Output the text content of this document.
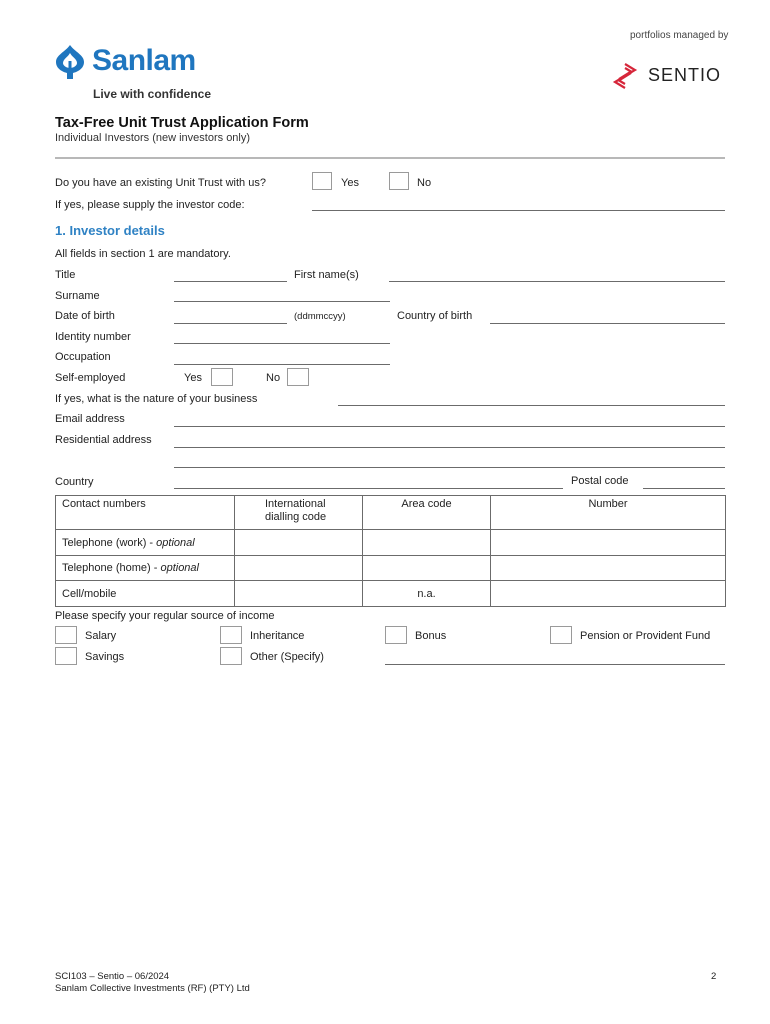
Sanlam
Live with confidence
portfolios managed by
SENTIO
Tax-Free Unit Trust Application Form
Individual Investors (new investors only)
Do you have an existing Unit Trust with us?	Yes	No
If yes, please supply the investor code:
1. Investor details
All fields in section 1 are mandatory.
Title	First name(s)
Surname
Date of birth	(ddmmccyy)	Country of birth
Identity number
Occupation
Self-employed	Yes	No
If yes, what is the nature of your business
Email address
Residential address
Country	Postal code
Contact numbers	International dialling code	Area code	Number
Telephone (work) - optional			
Telephone (home) - optional			
Cell/mobile		n.a.	
Please specify your regular source of income
Salary	Inheritance	Bonus	Pension or Provident Fund
Savings	Other (Specify)
SCI103 – Sentio – 06/2024
Sanlam Collective Investments (RF) (PTY) Ltd
2
